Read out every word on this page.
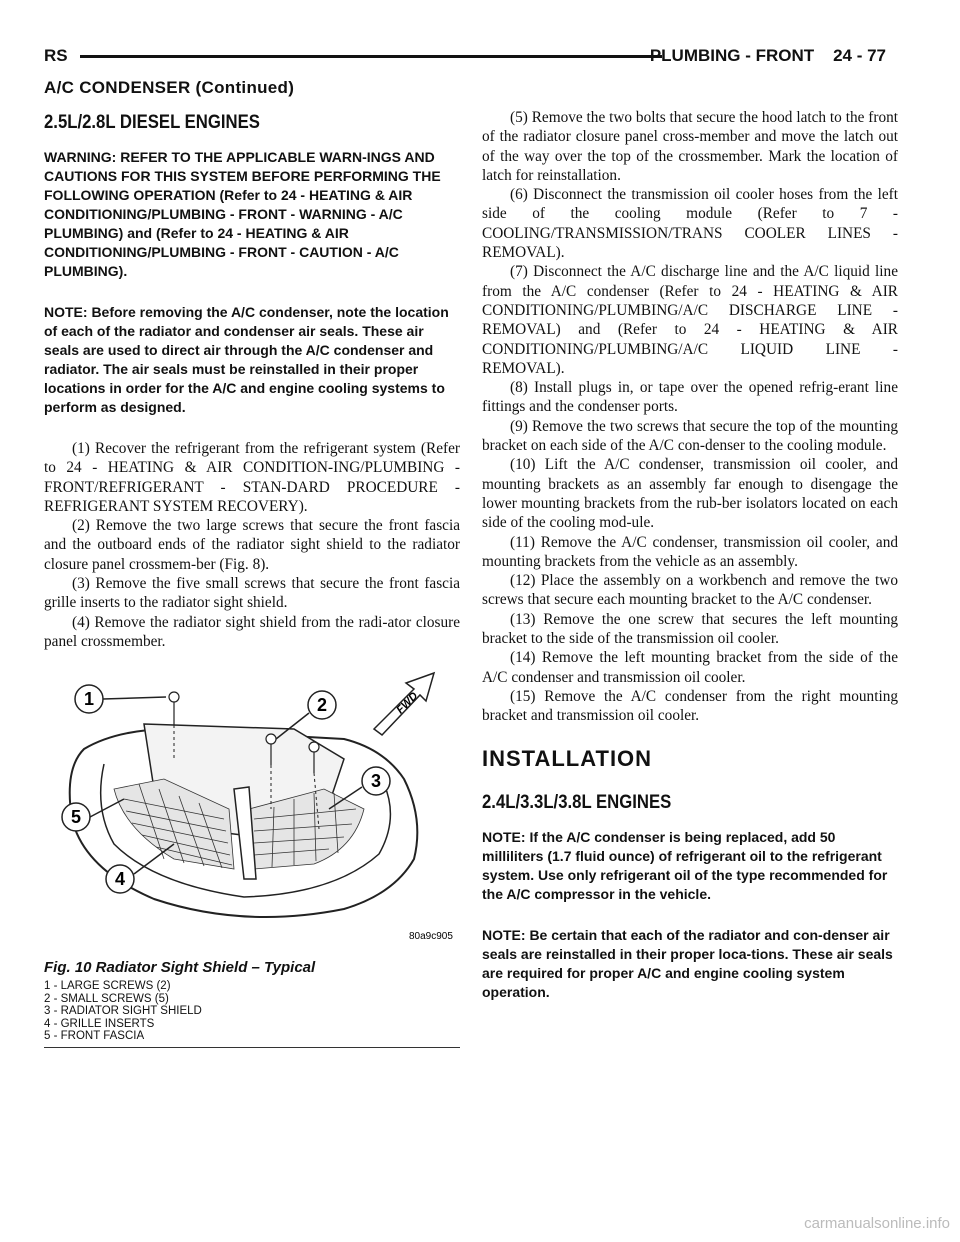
RS	PLUMBING - FRONT 24 - 77
A/C CONDENSER (Continued)
2.5L/2.8L DIESEL ENGINES

WARNING: REFER TO THE APPLICABLE WARN-INGS AND CAUTIONS FOR THIS SYSTEM BEFORE PERFORMING THE FOLLOWING OPERATION (Refer to 24 - HEATING & AIR CONDITIONING/PLUMBING - FRONT - WARNING - A/C PLUMBING) and (Refer to 24 - HEATING & AIR CONDITIONING/PLUMBING - FRONT - CAUTION - A/C PLUMBING).

NOTE: Before removing the A/C condenser, note the location of each of the radiator and condenser air seals. These air seals are used to direct air through the A/C condenser and radiator. The air seals must be reinstalled in their proper locations in order for the A/C and engine cooling systems to perform as designed.

(1) Recover the refrigerant from the refrigerant system (Refer to 24 - HEATING & AIR CONDITION-ING/PLUMBING - FRONT/REFRIGERANT - STAN-DARD PROCEDURE - REFRIGERANT SYSTEM RECOVERY).

(2) Remove the two large screws that secure the front fascia and the outboard ends of the radiator sight shield to the radiator closure panel crossmem-ber (Fig. 8).

(3) Remove the five small screws that secure the front fascia grille inserts to the radiator sight shield.

(4) Remove the radiator sight shield from the radi-ator closure panel crossmember.

1	2
3
5
4
FWD
80a9c905
Fig. 10 Radiator Sight Shield – Typical
1 - LARGE SCREWS (2)
2 - SMALL SCREWS (5)
3 - RADIATOR SIGHT SHIELD
4 - GRILLE INSERTS
5 - FRONT FASCIA

(5) Remove the two bolts that secure the hood latch to the front of the radiator closure panel cross-member and move the latch out of the way over the top of the crossmember. Mark the location of latch for reinstallation.

(6) Disconnect the transmission oil cooler hoses from the left side of the cooling module (Refer to 7 - COOLING/TRANSMISSION/TRANS COOLER LINES - REMOVAL).

(7) Disconnect the A/C discharge line and the A/C liquid line from the A/C condenser (Refer to 24 - HEATING & AIR CONDITIONING/PLUMBING/A/C DISCHARGE LINE - REMOVAL) and (Refer to 24 - HEATING & AIR CONDITIONING/PLUMBING/A/C LIQUID LINE - REMOVAL).

(8) Install plugs in, or tape over the opened refrig-erant line fittings and the condenser ports.

(9) Remove the two screws that secure the top of the mounting bracket on each side of the A/C con-denser to the cooling module.

(10) Lift the A/C condenser, transmission oil cooler, and mounting brackets as an assembly far enough to disengage the lower mounting brackets from the rub-ber isolators located on each side of the cooling mod-ule.

(11) Remove the A/C condenser, transmission oil cooler, and mounting brackets from the vehicle as an assembly.

(12) Place the assembly on a workbench and remove the two screws that secure each mounting bracket to the A/C condenser.

(13) Remove the one screw that secures the left mounting bracket to the side of the transmission oil cooler.

(14) Remove the left mounting bracket from the side of the A/C condenser and transmission oil cooler.

(15) Remove the A/C condenser from the right mounting bracket and transmission oil cooler.

INSTALLATION
2.4L/3.3L/3.8L ENGINES

NOTE: If the A/C condenser is being replaced, add 50 milliliters (1.7 fluid ounce) of refrigerant oil to the refrigerant system. Use only refrigerant oil of the type recommended for the A/C compressor in the vehicle.

NOTE: Be certain that each of the radiator and con-denser air seals are reinstalled in their proper loca-tions. These air seals are required for proper A/C and engine cooling system operation.

carmanualsonline.info
